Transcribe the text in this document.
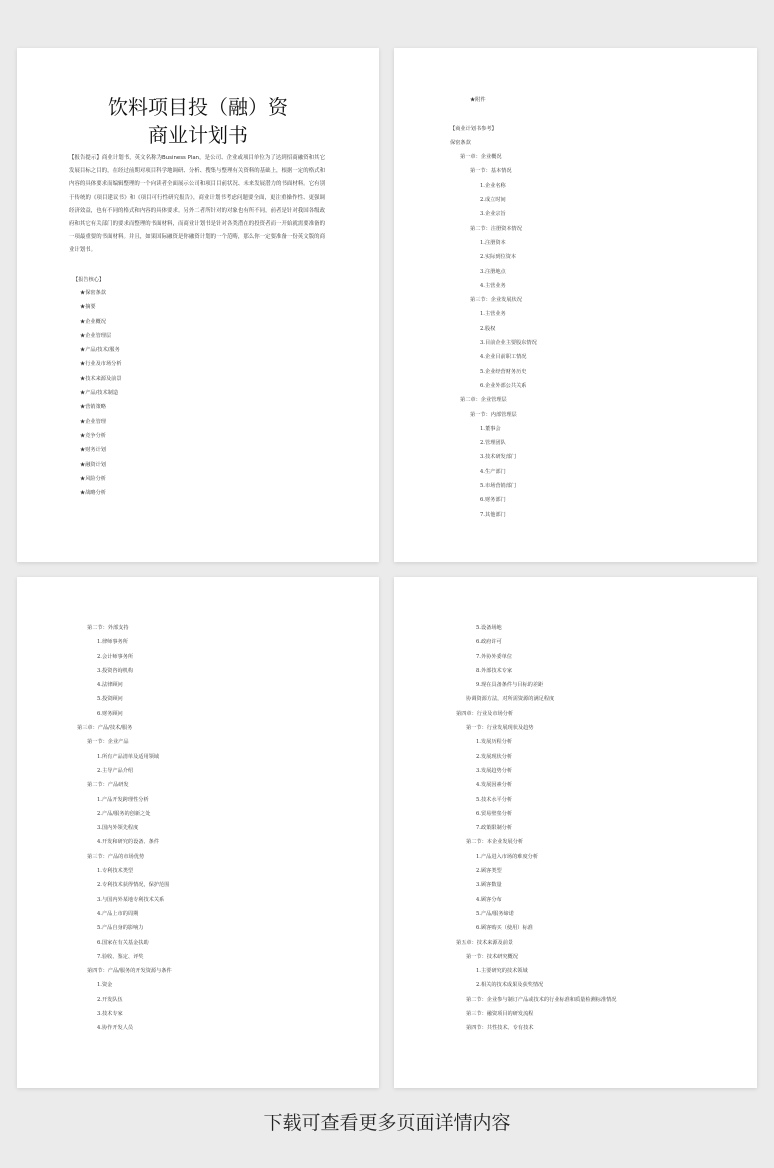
饮料项目投（融）资
商业计划书
【报告提示】商业计划书，英文名称为Business Plan，是公司、企业或项目单位为了达到招商融资和其它发展目标之目的，在经过前期对项目科学地调研、分析、搜集与整理有关资料的基础上，根据一定的格式和内容的具体要求而编辑整理的一个向读者全面展示公司和项目目前状况、未来发展潜力的书面材料。它有别于传统的《项目建议书》和《项目可行性研究报告》，商业计划书考虑问题要全面，更注重操作性、更强调经济效益，也有不同的格式和内容的具体要求。另外二者所针对的对象也有所不同，前者是针对我国各级政府和其它有关部门的要求而整理的书面材料，而商业计划书是针对各类潜在的投资者而一开始就需要准备的一项最重要的书面材料。并且，如果国际融资是你融资计划的一个范畴，那么你一定要准备一份英文版的商业计划书。
【报告核心】
★保密条款
★摘要
★企业概况
★企业管理层
★产品/技术/服务
★行业及市场分析
★技术来源及前景
★产品/技术制造
★营销策略
★企业管理
★竞争分析
★财务计划
★融资计划
★风险分析
★战略分析
★附件
【商业计划书参考】
保密条款
第一章：企业概况
第一节：基本情况
1.企业名称
2.成立时间
3.企业宗旨
第二节：注册资本情况
1.注册资本
2.实际到位资本
3.注册地点
4.主营业务
第三节：企业发展状况
1.主营业务
2.股权
3.目前企业主要股东情况
4.企业目前职工情况
5.企业经营财务历史
6.企业外部公共关系
第二章：企业管理层
第一节：内部管理层
1.董事会
2.管理团队
3.技术研发部门
4.生产部门
5.市场营销部门
6.财务部门
7.其他部门
第二节：外部支持
1.律师事务所
2.会计师事务所
3.投资咨询机构
4.法律顾问
5.投资顾问
6.财务顾问
第三章：产品/技术/服务
第一节：企业产品
1.所有产品清单及适用领域
2.主导产品介绍
第二节：产品研发
1.产品开发跨理性分析
2.产品/服务的创新之处
3.国内外领先程度
4.开发和研究的设备、条件
第三节：产品的市场优势
1.专利技术类型
2.专利技术获得情况，保护范围
3.与国内外某地专利技术关系
4.产品上市的周期
5.产品自身的影响力
6.国家在有关基金扶助
7.验收、鉴定、评奖
第四节：产品/服务的开发资源与条件
1.资金
2.开发队伍
3.技术专家
4.协作开发人员
5.设备场地
6.政府许可
7.外协外委单位
8.外部技术专家
9.现在具备条件与目标的差距
协调资源方法，对所需资源的满足程度
第四章：行业及市场分析
第一节：行业发展现状及趋势
1.发展历程分析
2.发展现状分析
3.发展趋势分析
4.发展因素分析
5.技术水平分析
6.贸易壁垒分析
7.政策限制分析
第二节：本企业发展分析
1.产品进入市场的难度分析
2.顾客类型
3.顾客数量
4.顾客分布
5.产品/服务缔诺
6.顾客购买（使用）标准
第五章：技术来源及前景
第一节：技术研究概况
1.主要研究的技术领域
2.相关的技术成果及获奖情况
第二节：企业参与制订产品或技术的行业标准和质量检测标准情况
第三节：融资项目的研发流程
第四节：共性技术、专有技术
下载可查看更多页面详情内容
